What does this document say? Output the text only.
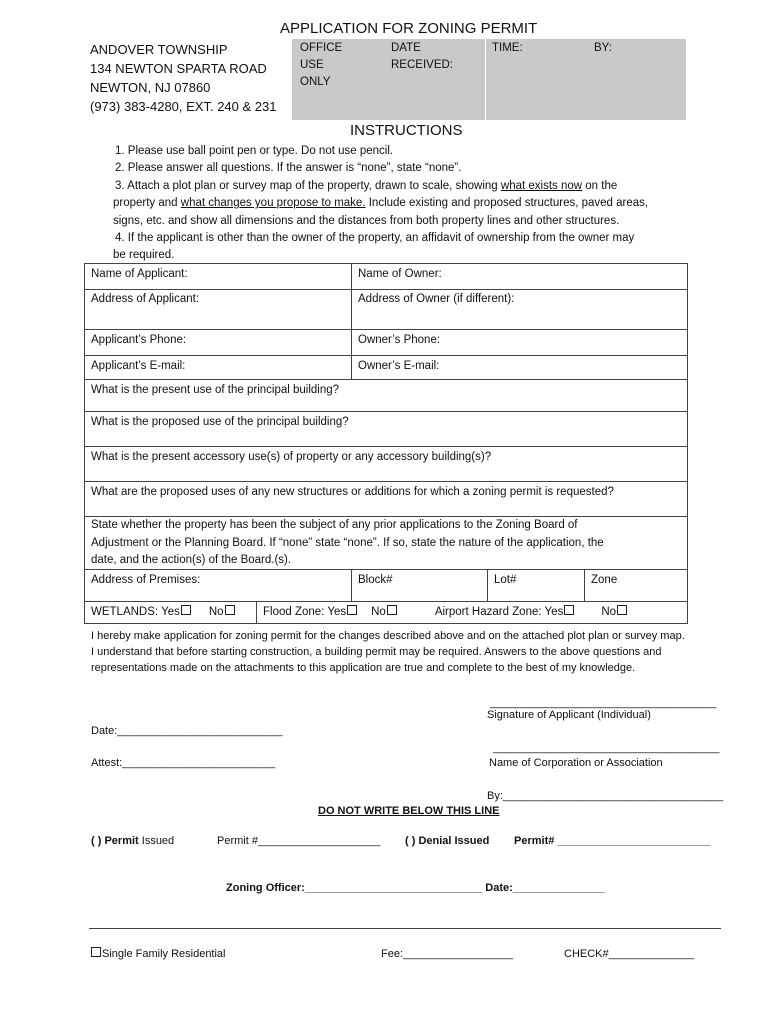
APPLICATION FOR ZONING PERMIT
ANDOVER TOWNSHIP
134 NEWTON SPARTA ROAD
NEWTON, NJ 07860
(973) 383-4280, EXT. 240 & 231
OFFICE
USE
ONLY
DATE
RECEIVED:
TIME:	BY:
INSTRUCTIONS
1. Please use ball point pen or type. Do not use pencil.
2. Please answer all questions. If the answer is “none”, state “none”.
3. Attach a plot plan or survey map of the property, drawn to scale, showing what exists now on the
property and what changes you propose to make. Include existing and proposed structures, paved areas,
signs, etc. and show all dimensions and the distances from both property lines and other structures.
4. If the applicant is other than the owner of the property, an affidavit of ownership from the owner may
be required.
Name of Applicant:	Name of Owner:
Address of Applicant:	Address of Owner (if different):
Applicant’s Phone:	Owner’s Phone:
Applicant’s E-mail:	Owner’s E-mail:
What is the present use of the principal building?
What is the proposed use of the principal building?
What is the present accessory use(s) of property or any accessory building(s)?
What are the proposed uses of any new structures or additions for which a zoning permit is requested?
State whether the property has been the subject of any prior applications to the Zoning Board of
Adjustment or the Planning Board. If “none” state “none”. If so, state the nature of the application, the
date, and the action(s) of the Board.(s).
Address of Premises:	Block#	Lot#	Zone
WETLANDS: Yes	No	Flood Zone: Yes No	Airport Hazard Zone: Yes	No
I hereby make application for zoning permit for the changes described above and on the attached plot plan or survey map.
I understand that before starting construction, a building permit may be required. Answers to the above questions and
representations made on the attachments to this application are true and complete to the best of my knowledge.
_____________________________________
Signature of Applicant (Individual)
Date:___________________________
_____________________________________
Name of Corporation or Association
Attest:_________________________
By:____________________________________
DO NOT WRITE BELOW THIS LINE
( ) Permit Issued	Permit #____________________ ( ) Denial Issued Permit# _________________________
Zoning Officer:_____________________________ Date:_______________
Single Family Residential	Fee:__________________	CHECK#______________
